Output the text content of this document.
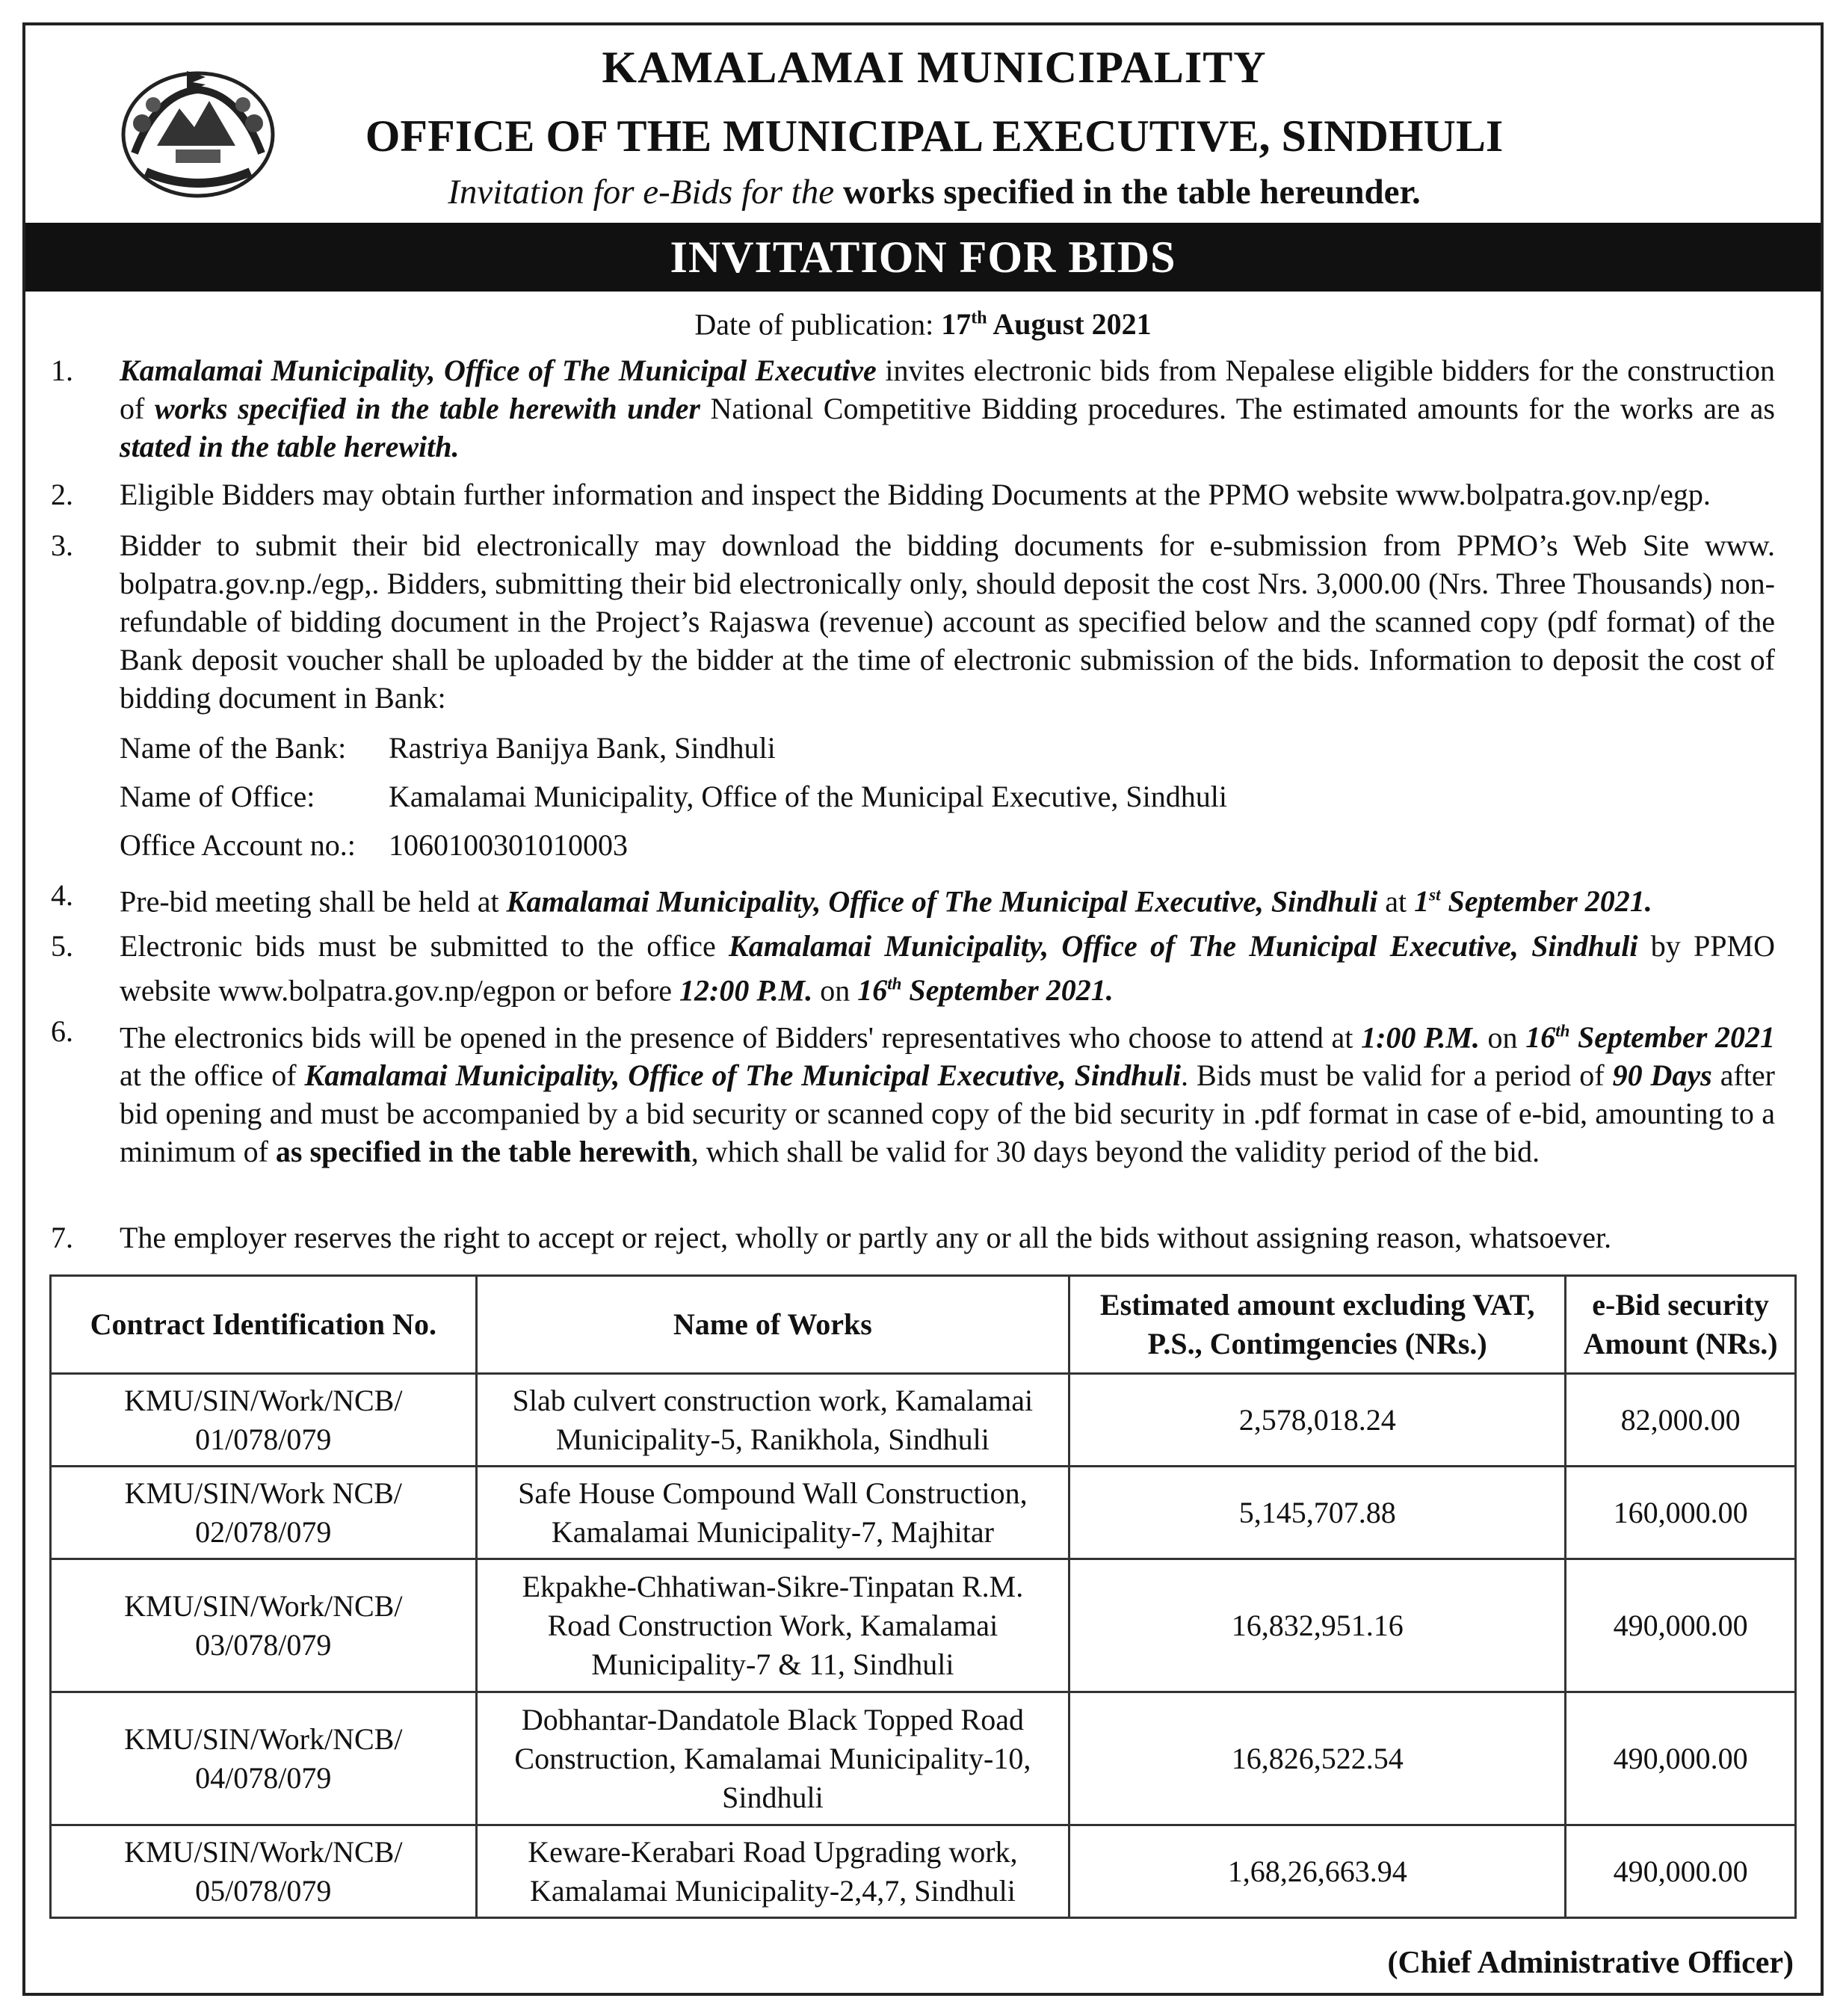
KAMALAMAI MUNICIPALITY
OFFICE OF THE MUNICIPAL EXECUTIVE, SINDHULI
Invitation for e-Bids for the works specified in the table hereunder.
INVITATION FOR BIDS
Date of publication: 17th August 2021
1. Kamalamai Municipality, Office of The Municipal Executive invites electronic bids from Nepalese eligible bidders for the construction of works specified in the table herewith under National Competitive Bidding procedures. The estimated amounts for the works are as stated in the table herewith.
2. Eligible Bidders may obtain further information and inspect the Bidding Documents at the PPMO website www.bolpatra.gov.np/egp.
3. Bidder to submit their bid electronically may download the bidding documents for e-submission from PPMO’s Web Site www. bolpatra.gov.np./egp,. Bidders, submitting their bid electronically only, should deposit the cost Nrs. 3,000.00 (Nrs. Three Thousands) non-refundable of bidding document in the Project’s Rajaswa (revenue) account as specified below and the scanned copy (pdf format) of the Bank deposit voucher shall be uploaded by the bidder at the time of electronic submission of the bids. Information to deposit the cost of bidding document in Bank:
Name of the Bank: Rastriya Banijya Bank, Sindhuli
Name of Office: Kamalamai Municipality, Office of the Municipal Executive, Sindhuli
Office Account no.: 1060100301010003
4. Pre-bid meeting shall be held at Kamalamai Municipality, Office of The Municipal Executive, Sindhuli at 1st September 2021.
5. Electronic bids must be submitted to the office Kamalamai Municipality, Office of The Municipal Executive, Sindhuli by PPMO website www.bolpatra.gov.np/egpon or before 12:00 P.M. on 16th September 2021.
6. The electronics bids will be opened in the presence of Bidders' representatives who choose to attend at 1:00 P.M. on 16th September 2021 at the office of Kamalamai Municipality, Office of The Municipal Executive, Sindhuli. Bids must be valid for a period of 90 Days after bid opening and must be accompanied by a bid security or scanned copy of the bid security in .pdf format in case of e-bid, amounting to a minimum of as specified in the table herewith, which shall be valid for 30 days beyond the validity period of the bid.
7. The employer reserves the right to accept or reject, wholly or partly any or all the bids without assigning reason, whatsoever.
Contract Identification No.	Name of Works	Estimated amount excluding VAT, P.S., Contimgencies (NRs.)	e-Bid security Amount (NRs.)
KMU/SIN/Work/NCB/
01/078/079	Slab culvert construction work, Kamalamai Municipality-5, Ranikhola, Sindhuli	2,578,018.24	82,000.00
KMU/SIN/Work NCB/
02/078/079	Safe House Compound Wall Construction, Kamalamai Municipality-7, Majhitar	5,145,707.88	160,000.00
KMU/SIN/Work/NCB/
03/078/079	Ekpakhe-Chhatiwan-Sikre-Tinpatan R.M. Road Construction Work, Kamalamai Municipality-7 & 11, Sindhuli	16,832,951.16	490,000.00
KMU/SIN/Work/NCB/
04/078/079	Dobhantar-Dandatole Black Topped Road Construction, Kamalamai Municipality-10, Sindhuli	16,826,522.54	490,000.00
KMU/SIN/Work/NCB/
05/078/079	Keware-Kerabari Road Upgrading work, Kamalamai Municipality-2,4,7, Sindhuli	1,68,26,663.94	490,000.00
(Chief Administrative Officer)
